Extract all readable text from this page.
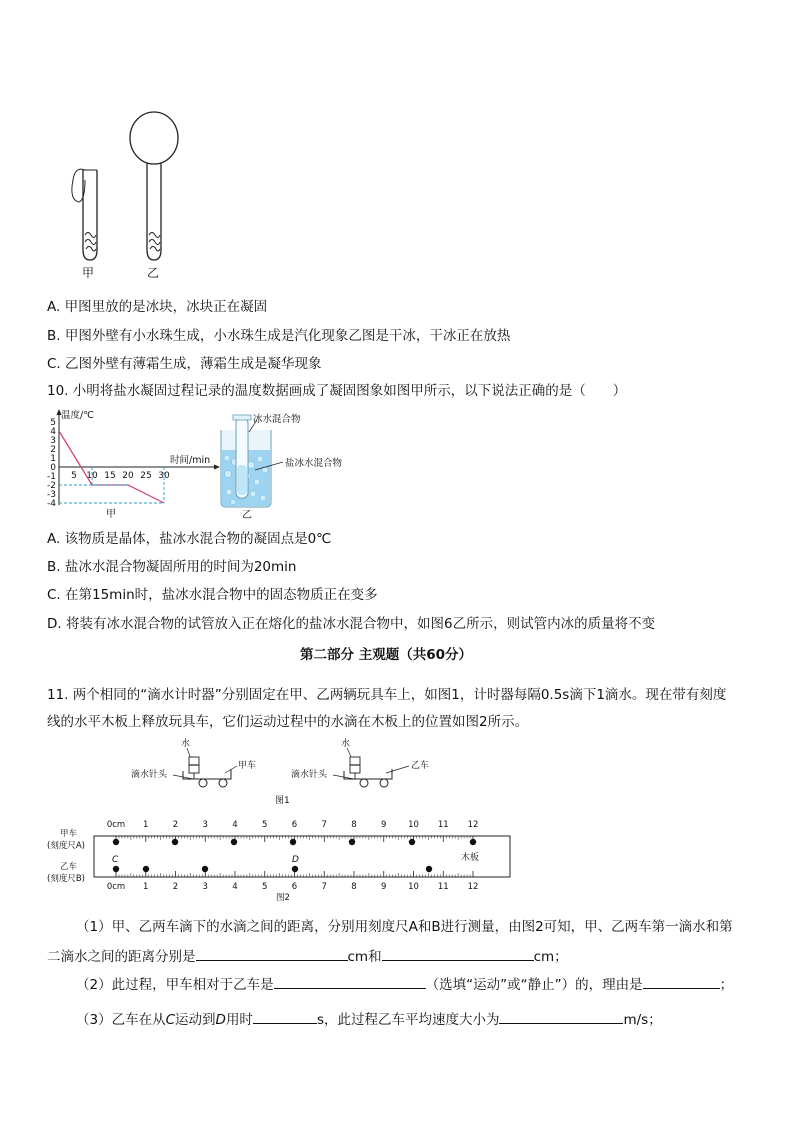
甲	乙
A. 甲图里放的是冰块，冰块正在凝固
B. 甲图外壁有小水珠生成，小水珠生成是汽化现象乙图是干冰，干冰正在放热
C. 乙图外壁有薄霜生成，薄霜生成是凝华现象
10. 小明将盐水凝固过程记录的温度数据画成了凝固图象如图甲所示，以下说法正确的是（　　）
温度/℃
时间/min
5
4
3
2
1
0
-1
-2
-3
-4
5 10 15 20 25 30
甲
冰水混合物
盐冰水混合物
乙
A. 该物质是晶体，盐冰水混合物的凝固点是0℃
B. 盐冰水混合物凝固所用的时间为20min
C. 在第15min时，盐冰水混合物中的固态物质正在变多
D. 将装有冰水混合物的试管放入正在熔化的盐冰水混合物中，如图6乙所示，则试管内冰的质量将不变
第二部分 主观题（共60分）
11. 两个相同的“滴水计时器”分别固定在甲、乙两辆玩具车上，如图1，计时器每隔0.5s滴下1滴水。现在带有刻度
线的水平木板上释放玩具车，它们运动过程中的水滴在木板上的位置如图2所示。
水
甲车
滴水针头
水
乙车
滴水针头
图1
甲车
(刻度尺A)
乙车
(刻度尺B)
木板
0cm 1	2	3	4	5	6	7	8	9	10 11 12
0cm 1	2	3	4	5	6	7	8	9	10 11 12
C	D
图2
（1）甲、乙两车滴下的水滴之间的距离，分别用刻度尺A和B进行测量，由图2可知，甲、乙两车第一滴水和第
二滴水之间的距离分别是	cm和	cm；
（2）此过程，甲车相对于乙车是	（选填“运动”或“静止”）的，理由是	；
（3）乙车在从C运动到D用时	s，此过程乙车平均速度大小为	m/s；
